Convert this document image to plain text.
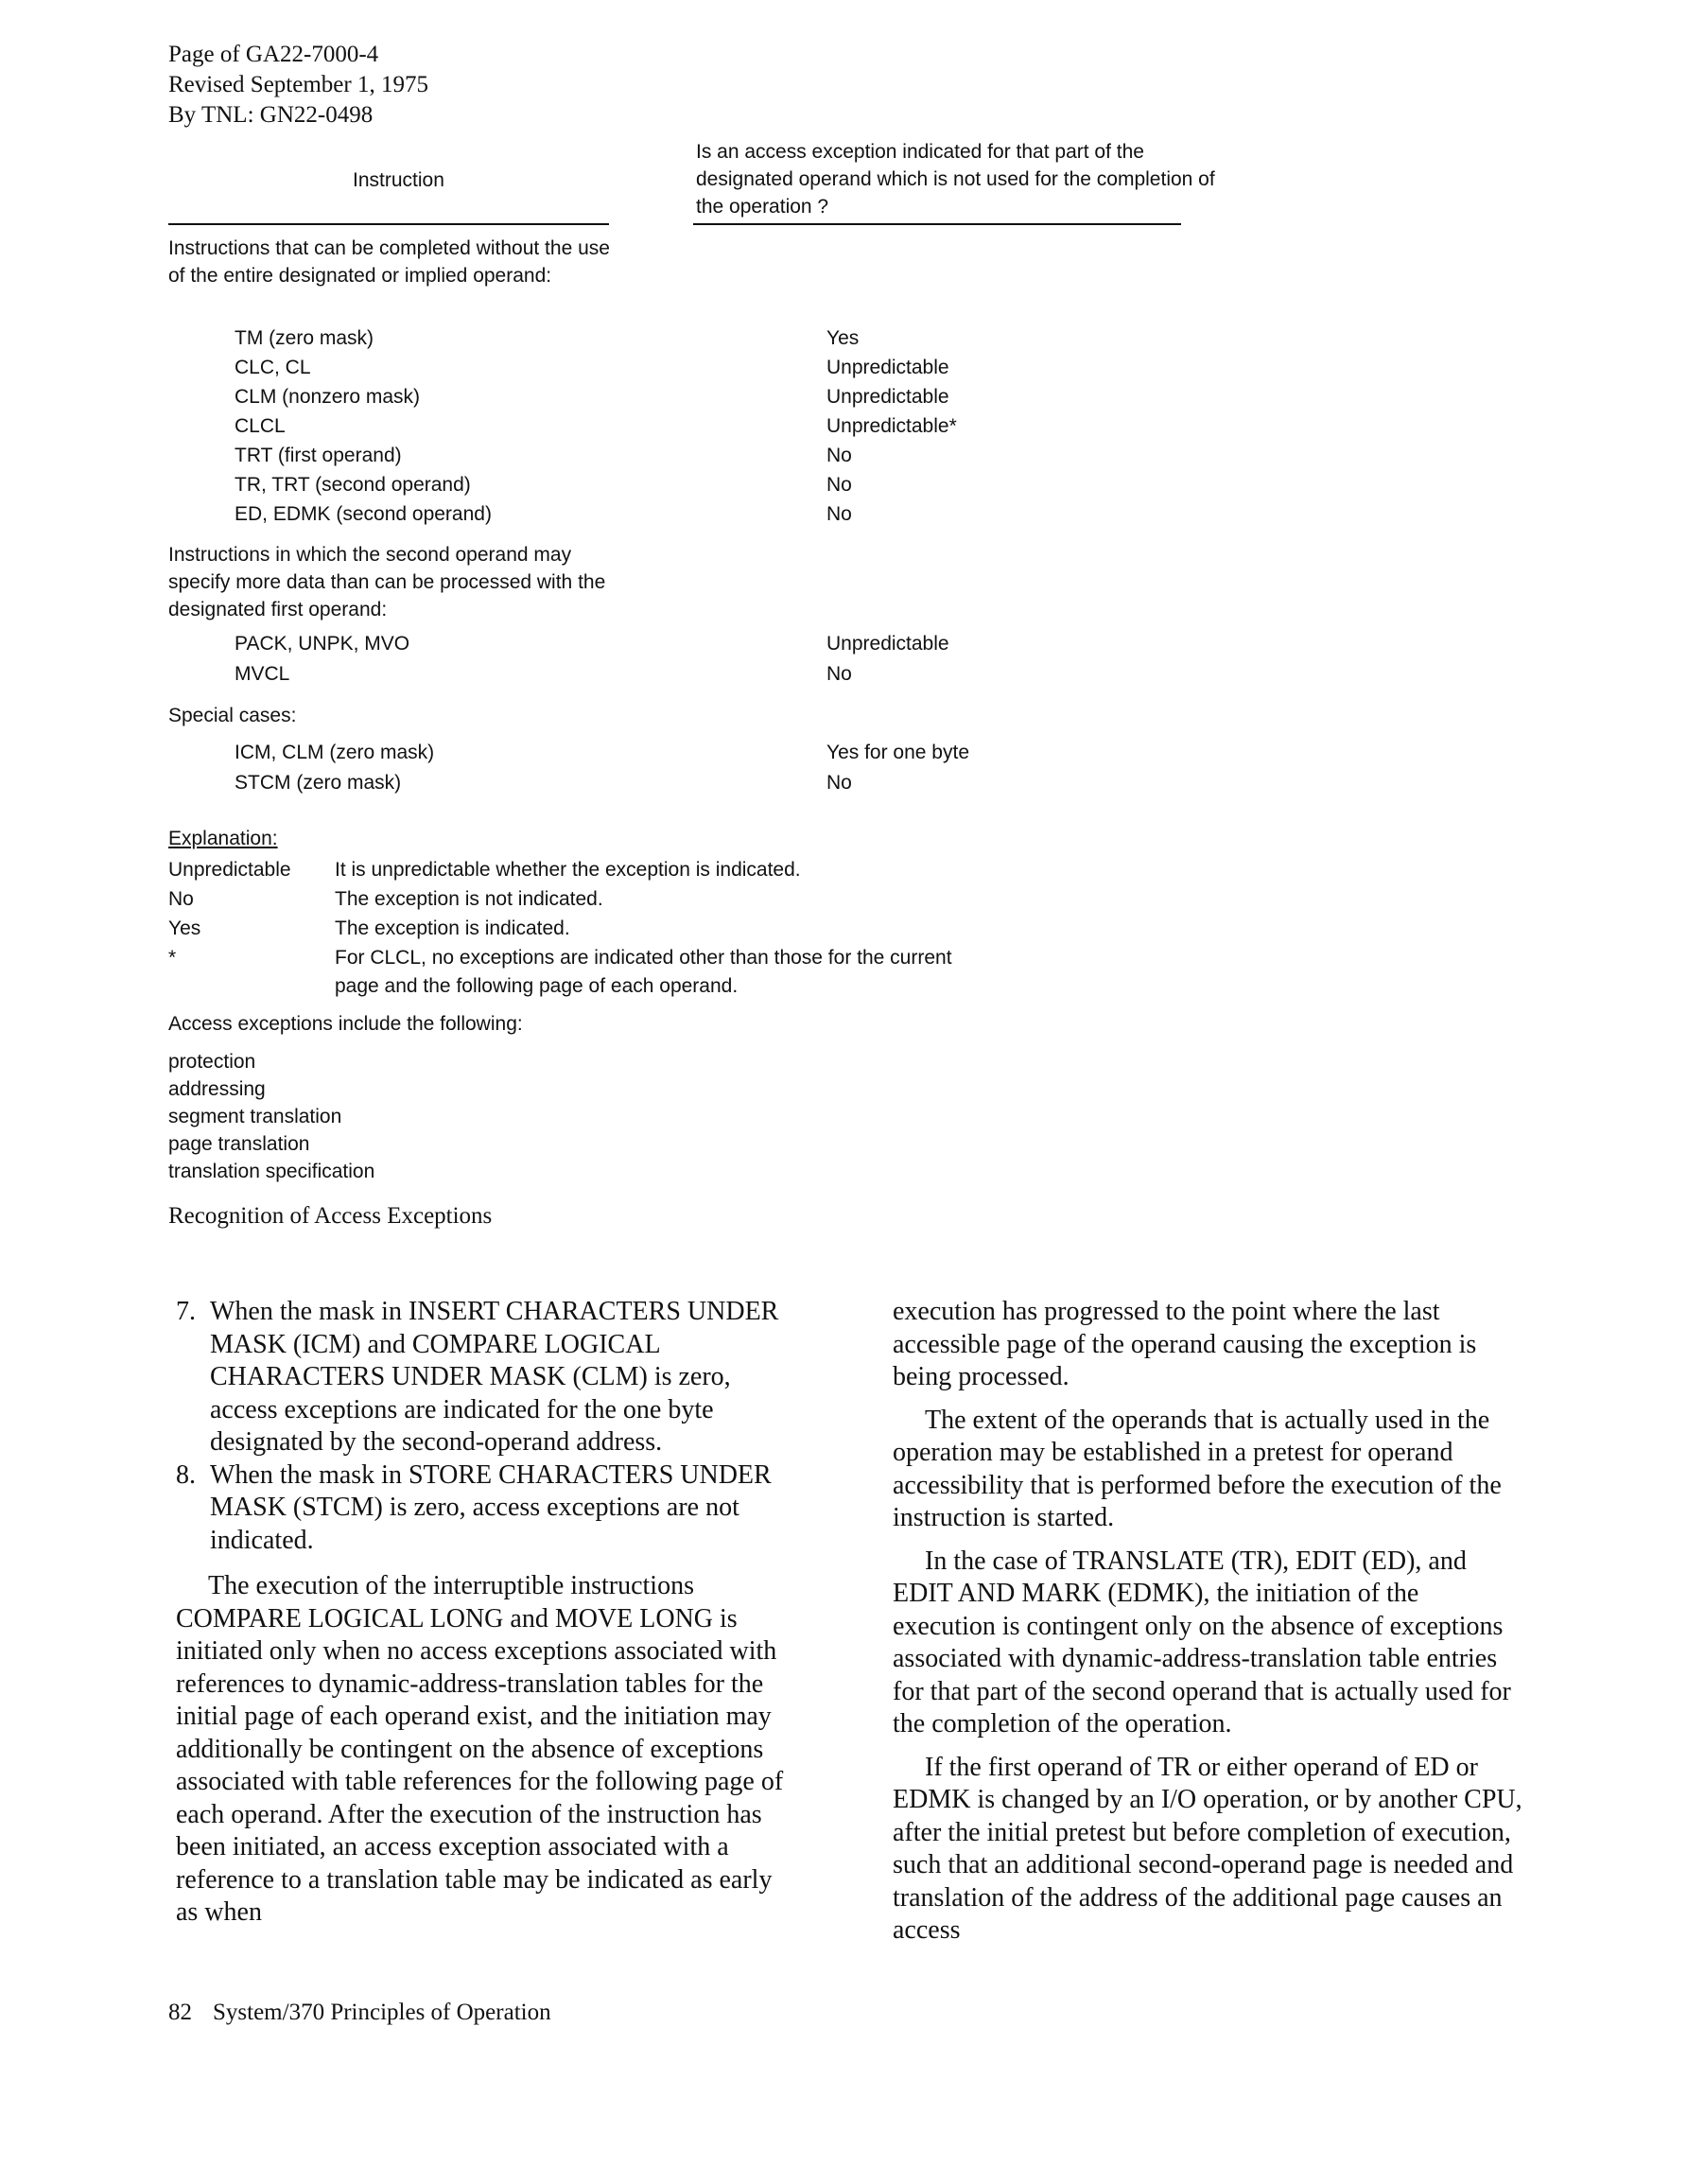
Page of GA22-7000-4
Revised September 1, 1975
By TNL: GN22-0498
Instruction
Is an access exception indicated for that part of the designated operand which is not used for the completion of the operation ?
Instructions that can be completed without the use of the entire designated or implied operand:
TM (zero mask)	Yes
CLC, CL	Unpredictable
CLM (nonzero mask)	Unpredictable
CLCL	Unpredictable*
TRT (first operand)	No
TR, TRT (second operand)	No
ED, EDMK (second operand)	No
Instructions in which the second operand may specify more data than can be processed with the designated first operand:
PACK, UNPK, MVO	Unpredictable
MVCL	No
Special cases:
ICM, CLM (zero mask)	Yes for one byte
STCM (zero mask)	No
Explanation:
Unpredictable It is unpredictable whether the exception is indicated.
No	The exception is not indicated.
Yes	The exception is indicated.
*	For CLCL, no exceptions are indicated other than those for the current page and the following page of each operand.
Access exceptions include the following:
protection
addressing
segment translation
page translation
translation specification
Recognition of Access Exceptions
7. When the mask in INSERT CHARACTERS UNDER MASK (ICM) and COMPARE LOGICAL CHARACTERS UNDER MASK (CLM) is zero, access exceptions are indicated for the one byte designated by the second-operand address.
8. When the mask in STORE CHARACTERS UNDER MASK (STCM) is zero, access exceptions are not indicated.

The execution of the interruptible instructions COMPARE LOGICAL LONG and MOVE LONG is initiated only when no access exceptions associated with references to dynamic-address-translation tables for the initial page of each operand exist, and the initiation may additionally be contingent on the absence of exceptions associated with table references for the following page of each operand. After the execution of the instruction has been initiated, an access exception associated with a reference to a translation table may be indicated as early as when

execution has progressed to the point where the last accessible page of the operand causing the exception is being processed.

The extent of the operands that is actually used in the operation may be established in a pretest for operand accessibility that is performed before the execution of the instruction is started.

In the case of TRANSLATE (TR), EDIT (ED), and EDIT AND MARK (EDMK), the initiation of the execution is contingent only on the absence of exceptions associated with dynamic-address-translation table entries for that part of the second operand that is actually used for the completion of the operation.

If the first operand of TR or either operand of ED or EDMK is changed by an I/O operation, or by another CPU, after the initial pretest but before completion of execution, such that an additional second-operand page is needed and translation of the address of the additional page causes an access

82 System/370 Principles of Operation
